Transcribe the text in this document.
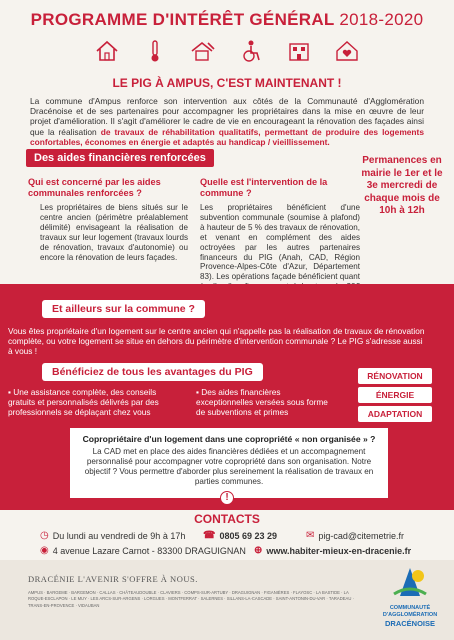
PROGRAMME D'INTÉRÊT GÉNÉRAL 2018-2020
LE PIG À AMPUS, C'EST MAINTENANT !

La commune d'Ampus renforce son intervention aux côtés de la Communauté d'Agglomération Dracénoise et de ses partenaires pour accompagner les propriétaires dans la mise en œuvre de leur projet d'amélioration. Il s'agit d'améliorer le cadre de vie en encourageant la rénovation des façades ainsi que la réalisation de travaux de réhabilitation qualitatifs, permettant de produire des logements confortables, économes en énergie et adaptés au handicap / vieillissement.

Des aides financières renforcées	Permanences en mairie le 1er et le 3e mercredi de chaque mois de 10h à 12h
Qui est concerné par les aides communales renforcées ?
Les propriétaires de biens situés sur le centre ancien (périmètre préalablement délimité) envisageant la réalisation de travaux sur leur logement (travaux lourds de rénovation, travaux d'autonomie) ou encore la rénovation de leurs façades.
Quelle est l'intervention de la commune ?
Les propriétaires bénéficient d'une subvention communale (soumise à plafond) à hauteur de 5 % des travaux de rénovation, et venant en complément des aides octroyées par les autres partenaires financeurs du PIG (Anah, CAD, Région Provence-Alpes-Côte d'Azur, Département 83). Les opérations façade bénéficient quant
Et ailleurs sur la commune ?
Vous êtes propriétaire d'un logement sur le centre ancien qui n'appelle pas la réalisation de travaux de rénovation complète, ou votre logement se situe en dehors du périmètre d'intervention communale ? Le PIG s'adresse aussi à vous !
Bénéficiez de tous les avantages du PIG
▪ Une assistance complète, des conseils gratuits et personnalisés délivrés par des professionnels se déplaçant chez vous
▪ Des aides financières exceptionnelles versées sous forme de subventions et primes
RÉNOVATION
ÉNERGIE
ADAPTATION
Copropriétaire d'un logement dans une copropriété « non organisée » ?
La CAD met en place des aides financières dédiées et un accompagnement personnalisé pour accompagner votre copropriété dans son organisation. Notre objectif ? Vous permettre d'aborder plus sereinement la réalisation de travaux en parties communes.
!
CONTACTS
◷ Du lundi au vendredi de 9h à 17h ☎ 0805 69 23 29	✉ pig-cad@citemetrie.fr
◉ 4 avenue Lazare Carnot - 83300 DRAGUIGNAN ⊕ www.habiter-mieux-en-dracenie.fr
DRACÉNIE L'AVENIR S'OFFRE À NOUS.
AMPUS · BARGEME · BARGEMON · CALLAS · CHÂTEAUDOUBLE · CLAVIERS · COMPS-SUR-ARTUBY · DRAGUIGNAN · FIGANIÈRES · FLAYOSC · LA BASTIDE · LA ROQUE-ESCLAPON · LE MUY · LES ARCS-SUR-ARGENS · LORGUES · MONTFERRAT · SALERNES · SILLANS-LA-CASCADE · SAINT-ANTONIN-DU-VAR · TARADEAU · TRANS-EN-PROVENCE · VIDAUBAN	COMMUNAUTÉ
D'AGGLOMÉRATION
DRACÉNOISE
